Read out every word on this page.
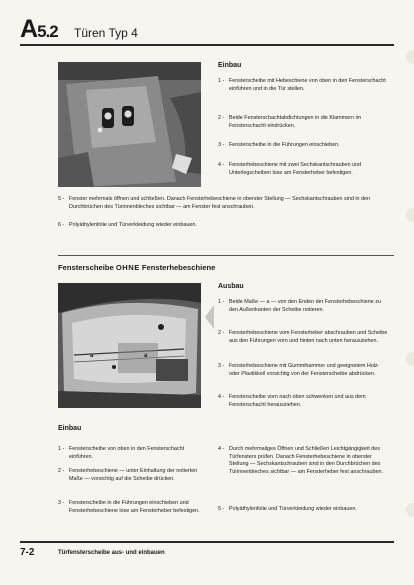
A5.2 Türen Typ 4
Einbau
1 - Fensterscheibe mit Hebeschiene von oben in den Fensterschacht einführen und in die Tür stellen.
2 - Beide Fensterschachtabdichtungen in die Klammern im Fensterschacht eindrücken.
3 - Fensterscheibe in die Führungen einschieben.
4 - Fensterhebeschiene mit zwei Sechskantschrauben und Unterlegscheiben lose am Fensterheber befestigen.
5 - Fenster mehrmals öffnen und schließen. Danach Fensterhebeschiene in oberster Stellung — Sechskantschrauben sind in den Durchbrüchen des Türinnenbleches sichtbar — am Fenster fest anschrauben.
6 - Polyäthylenfolie und Türverkleidung wieder einbauen.
Fensterscheibe OHNE Fensterhebeschiene
a	a
Ausbau
1 - Beide Maße — a — von den Enden der Fensterhebeschiene zu den Außenkanten der Scheibe notieren.
2 - Fensterhebeschiene vom Fensterheber abschrauben und Scheibe aus den Führungen vorn und hinten nach unten herausziehen.
3 - Fensterhebeschiene mit Gummihammer und geeignetem Holz- oder Plastikkeil vorsichtig von der Fensterscheibe abdrücken.
4 - Fensterscheibe vorn nach oben schwenken und aus dem Fensterschacht herausziehen.
Einbau
1 - Fensterscheibe von oben in den Fensterschacht einführen.
2 - Fensterhebeschiene — unter Einhaltung der notierten Maße — vorsichtig auf die Scheibe drücken.
3 - Fensterscheibe in die Führungen einschieben und Fensterhebeschiene lose am Fensterheber befestigen.
4 - Durch mehrmaliges Öffnen und Schließen Leichtgängigkeit des Türfensters prüfen. Danach Fensterhebeschiene in oberster Stellung — Sechskantschrauben sind in den Durchbrüchen des Türinnenbleches sichtbar — am Fensterheber fest anschrauben.
5 - Polyäthylenfolie und Türverkleidung wieder einbauen.
7-2	Türfensterscheibe aus- und einbauen
